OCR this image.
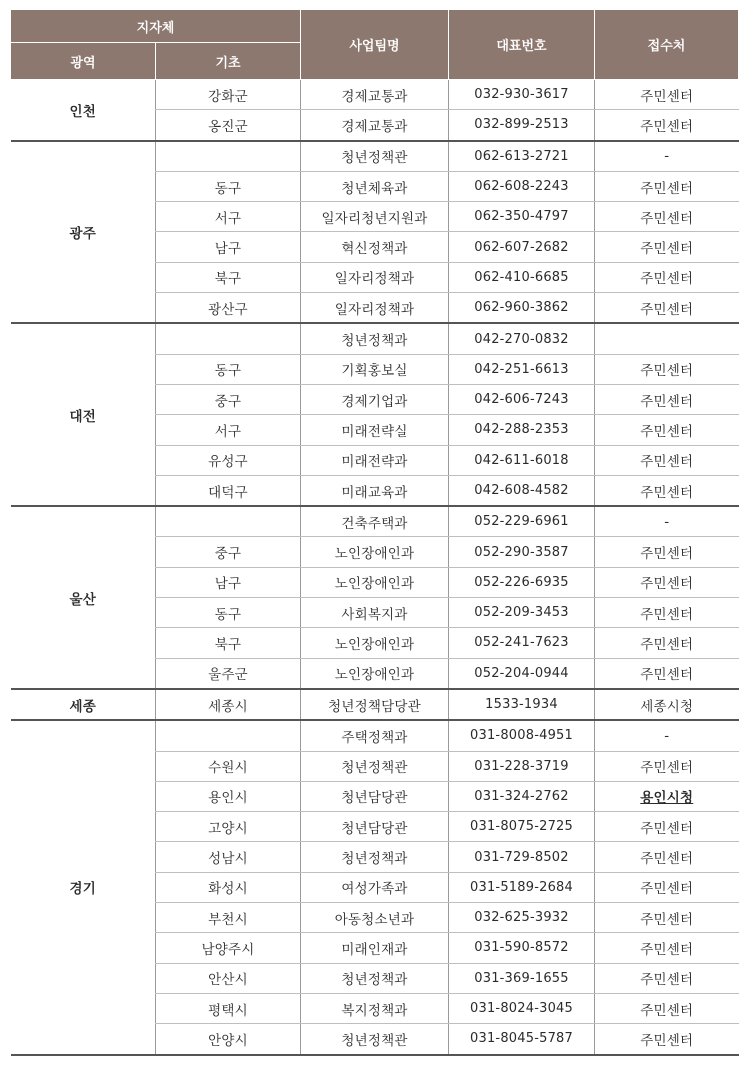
지자체		사업팀명	대표번호	접수처
광역	기초			
인천	강화군	경제교통과	032-930-3617	주민센터
	옹진군	경제교통과	032-899-2513	주민센터
광주		청년정책관	062-613-2721	-
	동구	청년체육과	062-608-2243	주민센터
	서구	일자리청년지원과	062-350-4797	주민센터
	남구	혁신정책과	062-607-2682	주민센터
	북구	일자리정책과	062-410-6685	주민센터
	광산구	일자리정책과	062-960-3862	주민센터
대전		청년정책과	042-270-0832	
	동구	기획홍보실	042-251-6613	주민센터
	중구	경제기업과	042-606-7243	주민센터
	서구	미래전략실	042-288-2353	주민센터
	유성구	미래전략과	042-611-6018	주민센터
	대덕구	미래교육과	042-608-4582	주민센터
울산		건축주택과	052-229-6961	-
	중구	노인장애인과	052-290-3587	주민센터
	남구	노인장애인과	052-226-6935	주민센터
	동구	사회복지과	052-209-3453	주민센터
	북구	노인장애인과	052-241-7623	주민센터
	울주군	노인장애인과	052-204-0944	주민센터
세종	세종시	청년정책담당관	1533-1934	세종시청
경기		주택정책과	031-8008-4951	-
	수원시	청년정책관	031-228-3719	주민센터
	용인시	청년담당관	031-324-2762	용인시청
	고양시	청년담당관	031-8075-2725	주민센터
	성남시	청년정책과	031-729-8502	주민센터
	화성시	여성가족과	031-5189-2684	주민센터
	부천시	아동청소년과	032-625-3932	주민센터
	남양주시	미래인재과	031-590-8572	주민센터
	안산시	청년정책과	031-369-1655	주민센터
	평택시	복지정책과	031-8024-3045	주민센터
	안양시	청년정책관	031-8045-5787	주민센터
